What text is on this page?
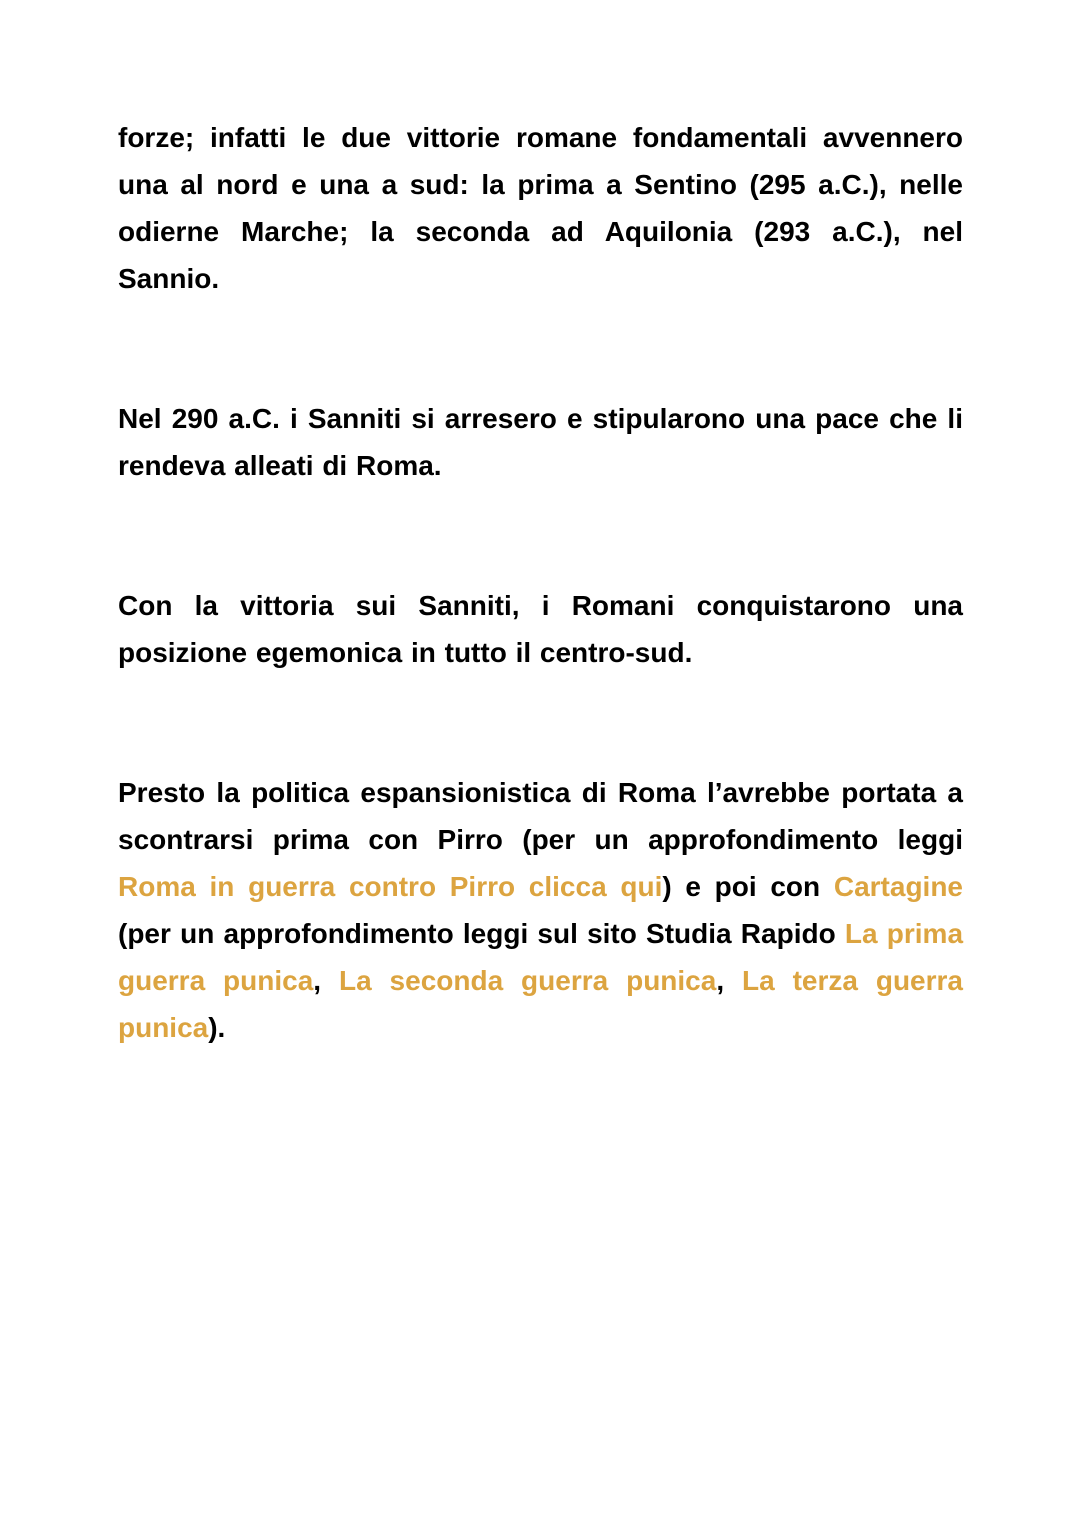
forze; infatti le due vittorie romane fondamentali avvennero una al nord e una a sud: la prima a Sentino (295 a.C.), nelle odierne Marche; la seconda ad Aquilonia (293 a.C.), nel Sannio.

Nel 290 a.C. i Sanniti si arresero e stipularono una pace che li rendeva alleati di Roma.

Con la vittoria sui Sanniti, i Romani conquistarono una posizione egemonica in tutto il centro-sud.

Presto la politica espansionistica di Roma l’avrebbe portata a scontrarsi prima con Pirro (per un approfondimento leggi Roma in guerra contro Pirro clicca qui) e poi con Cartagine (per un approfondimento leggi sul sito Studia Rapido La prima guerra punica, La seconda guerra punica, La terza guerra punica).
